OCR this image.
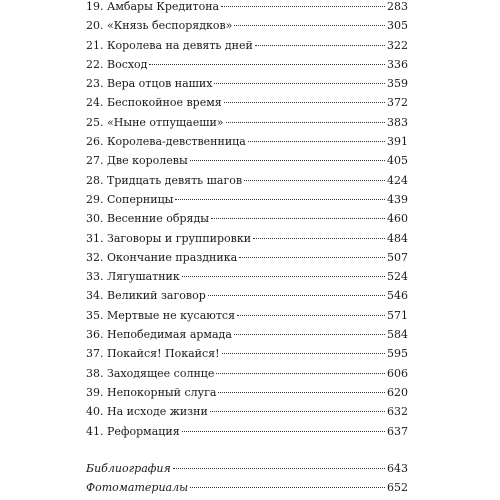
19. Амбары Кредитона	283
20. «Князь беспорядков»	305
21. Королева на девять дней	322
22. Восход	336
23. Вера отцов наших	359
24. Беспокойное время	372
25. «Ныне отпущаеши»	383
26. Королева-девственница	391
27. Две королевы	405
28. Тридцать девять шагов	424
29. Соперницы	439
30. Весенние обряды	460
31. Заговоры и группировки	484
32. Окончание праздника	507
33. Лягушатник	524
34. Великий заговор	546
35. Мертвые не кусаются	571
36. Непобедимая армада	584
37. Покайся! Покайся!	595
38. Заходящее солнце	606
39. Непокорный слуга	620
40. На исходе жизни	632
41. Реформация	637
Библиография	643
Фотоматериалы	652
